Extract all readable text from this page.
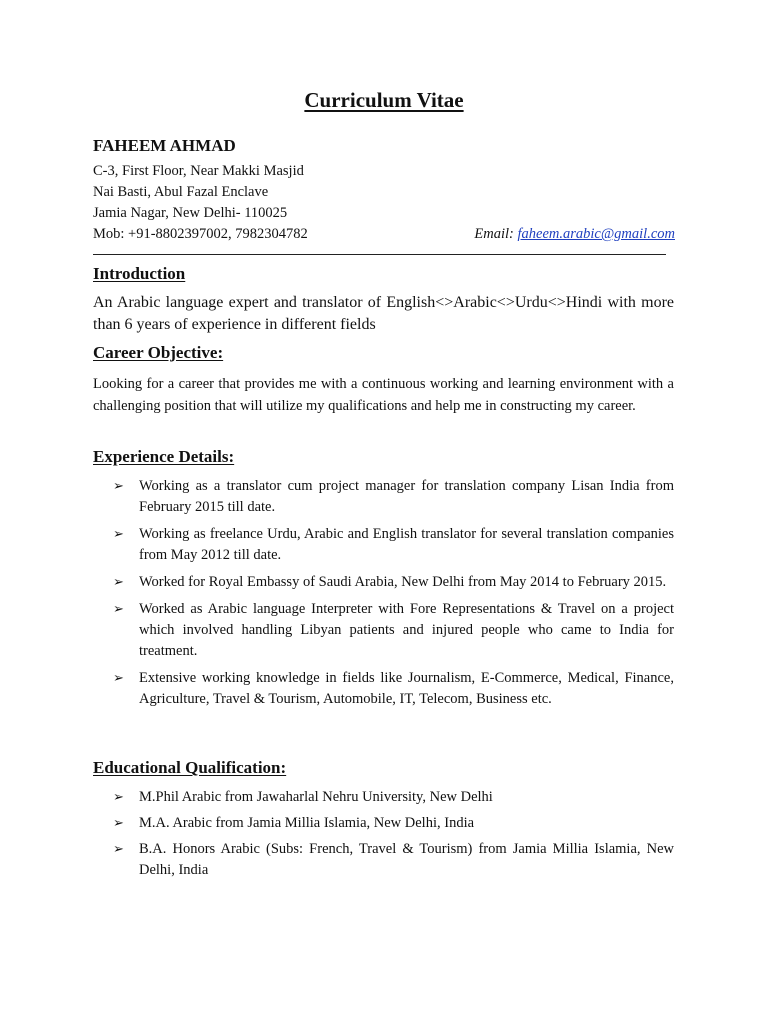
Curriculum Vitae
FAHEEM AHMAD
C-3, First Floor, Near Makki Masjid
Nai Basti, Abul Fazal Enclave
Jamia Nagar, New Delhi- 110025
Mob: +91-8802397002, 7982304782	Email: faheem.arabic@gmail.com
Introduction
An Arabic language expert and translator of English<>Arabic<>Urdu<>Hindi with more than 6 years of experience in different fields
Career Objective:
Looking for a career that provides me with a continuous working and learning environment with a challenging position that will utilize my qualifications and help me in constructing my career.
Experience Details:
➢ Working as a translator cum project manager for translation company Lisan India from February 2015 till date.
➢ Working as freelance Urdu, Arabic and English translator for several translation companies from May 2012 till date.
➢ Worked for Royal Embassy of Saudi Arabia, New Delhi from May 2014 to February 2015.
➢ Worked as Arabic language Interpreter with Fore Representations & Travel on a project which involved handling Libyan patients and injured people who came to India for treatment.
➢ Extensive working knowledge in fields like Journalism, E-Commerce, Medical, Finance, Agriculture, Travel & Tourism, Automobile, IT, Telecom, Business etc.
Educational Qualification:
➢ M.Phil Arabic from Jawaharlal Nehru University, New Delhi
➢ M.A. Arabic from Jamia Millia Islamia, New Delhi, India
➢ B.A. Honors Arabic (Subs: French, Travel & Tourism) from Jamia Millia Islamia, New Delhi, India
